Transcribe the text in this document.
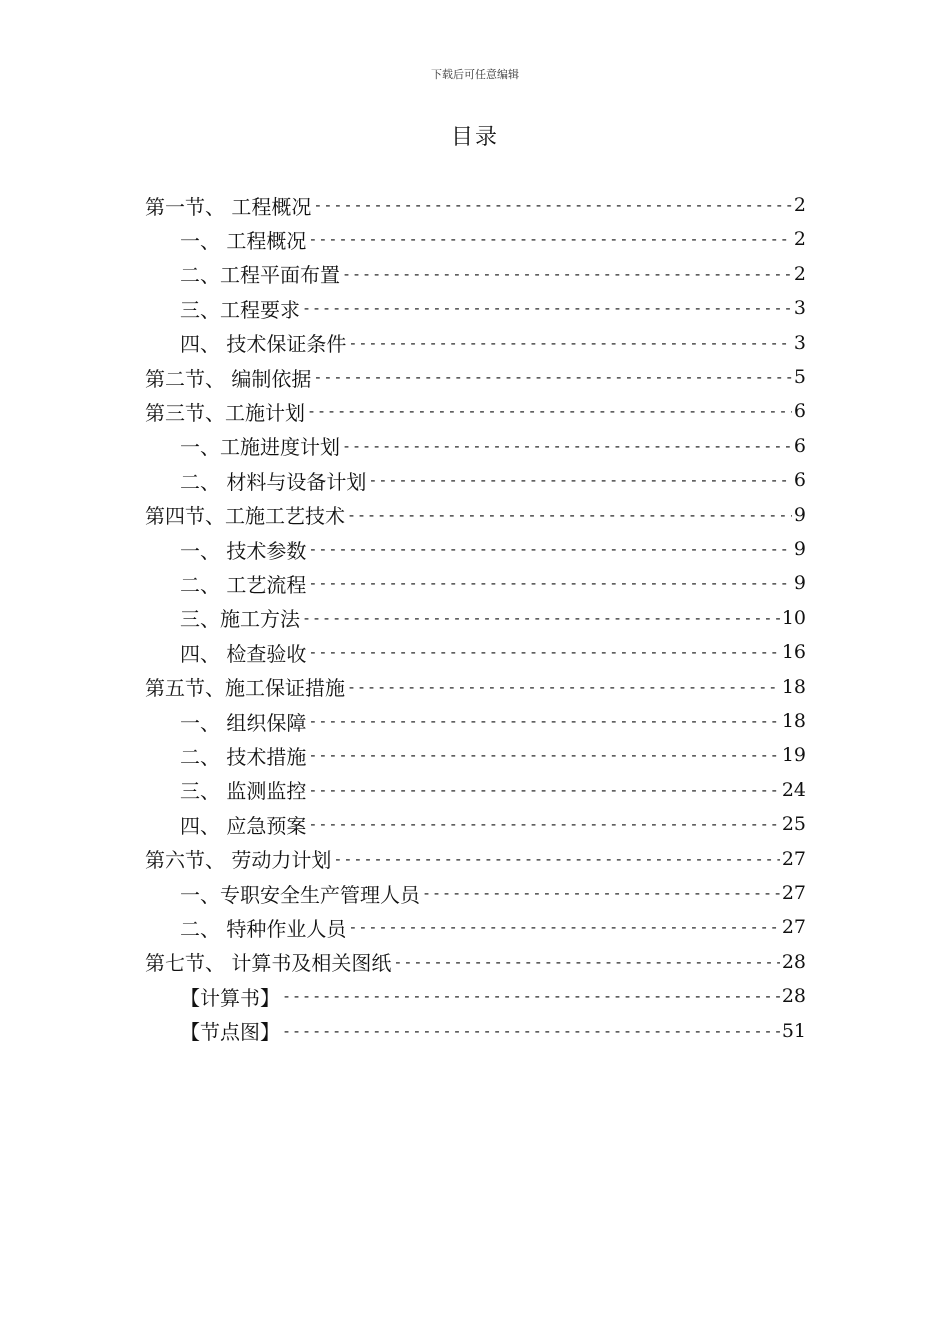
下载后可任意编辑
目录
第一节、 工程概况 -----	2
一、 工程概况 -----	2
二、工程平面布置 -----	2
三、工程要求 -----	3
四、 技术保证条件 -----	3
第二节、 编制依据 -----	5
第三节、工施计划 -----	6
一、工施进度计划 -----	6
二、 材料与设备计划 -----	6
第四节、工施工艺技术 -----	9
一、 技术参数 -----	9
二、 工艺流程 -----	9
三、施工方法 -----	10
四、 检查验收 -----	16
第五节、施工保证措施 -----	18
一、 组织保障 -----	18
二、 技术措施 -----	19
三、 监测监控 -----	24
四、 应急预案 -----	25
第六节、 劳动力计划 -----	27
一、专职安全生产管理人员 -----	27
二、 特种作业人员 -----	27
第七节、 计算书及相关图纸 -----	28
【计算书】 -----	28
【节点图】 -----	51
